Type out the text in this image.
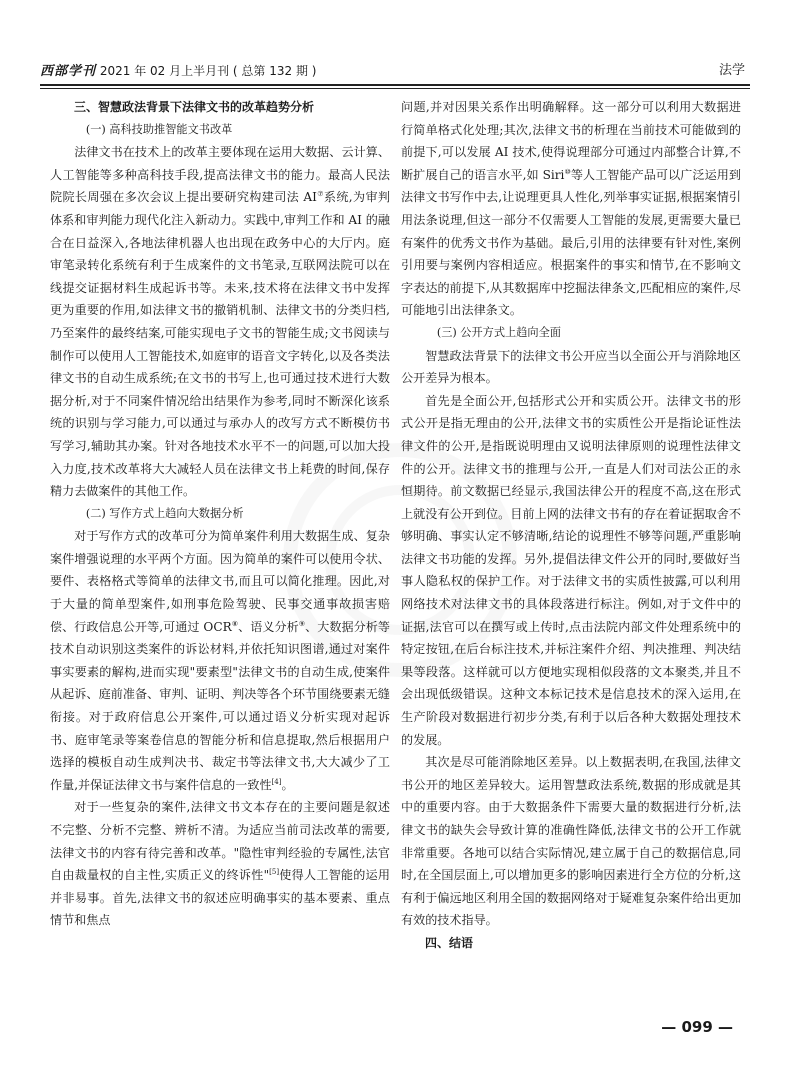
西部学刊 2021 年 02 月上半月刊 ( 总第 132 期 )	法学

三、智慧政法背景下法律文书的改革趋势分析

(一) 高科技助推智能文书改革

法律文书在技术上的改革主要体现在运用大数据、云计算、人工智能等多种高科技手段,提高法律文书的能力。最高人民法院院长周强在多次会议上提出要研究构建司法 AI⑦系统,为审判体系和审判能力现代化注入新动力。实践中,审判工作和 AI 的融合在日益深入,各地法律机器人也出现在政务中心的大厅内。庭审笔录转化系统有利于生成案件的文书笔录,互联网法院可以在线提交证据材料生成起诉书等。未来,技术将在法律文书中发挥更为重要的作用,如法律文书的撤销机制、法律文书的分类归档,乃至案件的最终结案,可能实现电子文书的智能生成;文书阅读与制作可以使用人工智能技术,如庭审的语音文字转化,以及各类法律文书的自动生成系统;在文书的书写上,也可通过技术进行大数据分析,对于不同案件情况给出结果作为参考,同时不断深化该系统的识别与学习能力,可以通过与承办人的改写方式不断模仿书写学习,辅助其办案。针对各地技术水平不一的问题,可以加大投入力度,技术改革将大大减轻人员在法律文书上耗费的时间,保存精力去做案件的其他工作。

(二) 写作方式上趋向大数据分析

对于写作方式的改革可分为简单案件利用大数据生成、复杂案件增强说理的水平两个方面。因为简单的案件可以使用令状、要件、表格格式等简单的法律文书,而且可以简化推理。因此,对于大量的简单型案件,如刑事危险驾驶、民事交通事故损害赔偿、行政信息公开等,可通过 OCR⑧、语义分析⑨、大数据分析等技术自动识别这类案件的诉讼材料,并依托知识图谱,通过对案件事实要素的解构,进而实现"要素型"法律文书的自动生成,使案件从起诉、庭前准备、审判、证明、判决等各个环节围绕要素无缝衔接。对于政府信息公开案件,可以通过语义分析实现对起诉书、庭审笔录等案卷信息的智能分析和信息提取,然后根据用户选择的模板自动生成判决书、裁定书等法律文书,大大减少了工作量,并保证法律文书与案件信息的一致性[4]。

对于一些复杂的案件,法律文书文本存在的主要问题是叙述不完整、分析不完整、辨析不清。为适应当前司法改革的需要,法律文书的内容有待完善和改革。"隐性审判经验的专属性,法官自由裁量权的自主性,实质正义的终诉性"[5]使得人工智能的运用并非易事。首先,法律文书的叙述应明确事实的基本要素、重点情节和焦点

问题,并对因果关系作出明确解释。这一部分可以利用大数据进行简单格式化处理;其次,法律文书的析理在当前技术可能做到的前提下,可以发展 AI 技术,使得说理部分可通过内部整合计算,不断扩展自己的语言水平,如 Siri⑩等人工智能产品可以广泛运用到法律文书写作中去,让说理更具人性化,列举事实证据,根据案情引用法条说理,但这一部分不仅需要人工智能的发展,更需要大量已有案件的优秀文书作为基础。最后,引用的法律要有针对性,案例引用要与案例内容相适应。根据案件的事实和情节,在不影响文字表达的前提下,从其数据库中挖掘法律条文,匹配相应的案件,尽可能地引出法律条文。

(三) 公开方式上趋向全面

智慧政法背景下的法律文书公开应当以全面公开与消除地区公开差异为根本。

首先是全面公开,包括形式公开和实质公开。法律文书的形式公开是指无理由的公开,法律文书的实质性公开是指论证性法律文件的公开,是指既说明理由又说明法律原则的说理性法律文件的公开。法律文书的推理与公开,一直是人们对司法公正的永恒期待。前文数据已经显示,我国法律公开的程度不高,这在形式上就没有公开到位。目前上网的法律文书有的存在着证据取舍不够明确、事实认定不够清晰,结论的说理性不够等问题,严重影响法律文书功能的发挥。另外,提倡法律文件公开的同时,要做好当事人隐私权的保护工作。对于法律文书的实质性披露,可以利用网络技术对法律文书的具体段落进行标注。例如,对于文件中的证据,法官可以在撰写或上传时,点击法院内部文件处理系统中的特定按钮,在后台标注技术,并标注案件介绍、判决推理、判决结果等段落。这样就可以方便地实现相似段落的文本聚类,并且不会出现低级错误。这种文本标记技术是信息技术的深入运用,在生产阶段对数据进行初步分类,有利于以后各种大数据处理技术的发展。

其次是尽可能消除地区差异。以上数据表明,在我国,法律文书公开的地区差异较大。运用智慧政法系统,数据的形成就是其中的重要内容。由于大数据条件下需要大量的数据进行分析,法律文书的缺失会导致计算的准确性降低,法律文书的公开工作就非常重要。各地可以结合实际情况,建立属于自己的数据信息,同时,在全国层面上,可以增加更多的影响因素进行全方位的分析,这有利于偏远地区利用全国的数据网络对于疑难复杂案件给出更加有效的技术指导。

四、结语

— 099 —
